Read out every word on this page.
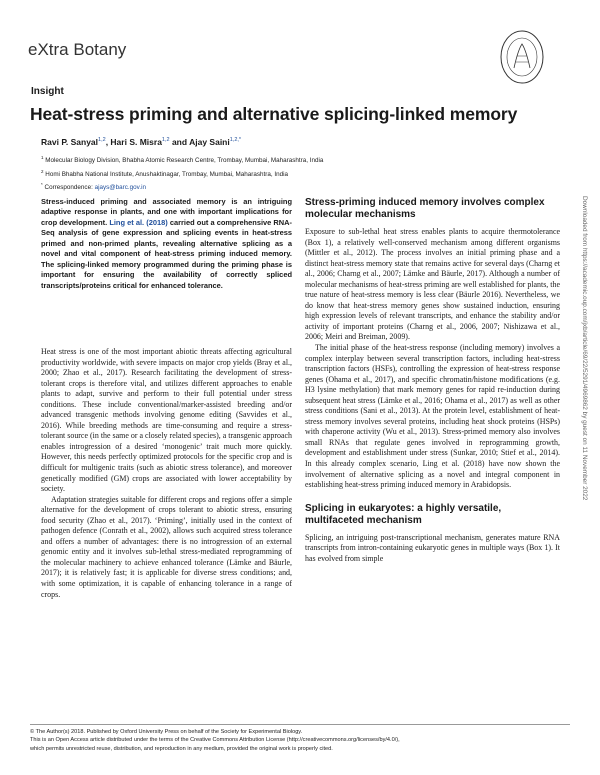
eXtra Botany
Insight
Heat-stress priming and alternative splicing-linked memory
Ravi P. Sanyal$^{1,2}$, Hari S. Misra$^{1,2}$ and Ajay Saini$^{1,2,*}$
$^1$ Molecular Biology Division, Bhabha Atomic Research Centre, Trombay, Mumbai, Maharashtra, India
$^2$ Homi Bhabha National Institute, Anushaktinagar, Trombay, Mumbai, Maharashtra, India
* Correspondence: ajays@barc.gov.in
Stress-induced priming and associated memory is an intriguing adaptive response in plants, and one with important implications for crop development. Ling et al. (2018) carried out a comprehensive RNA-Seq analysis of gene expression and splicing events in heat-stress primed and non-primed plants, revealing alternative splicing as a novel and vital component of heat-stress priming induced memory. The splicing-linked memory programmed during the priming phase is important for ensuring the availability of correctly spliced transcripts/proteins critical for enhanced tolerance.

Heat stress is one of the most important abiotic threats affecting agricultural productivity worldwide, with severe impacts on major crop yields (Bray et al., 2000; Zhao et al., 2017). Research facilitating the development of stress-tolerant crops is therefore vital, and utilizes different approaches to enable plants to adapt, survive and perform to their full potential under stress conditions. These include conventional/marker-assisted breeding and/or advanced transgenic methods involving genome editing (Savvides et al., 2016). While breeding methods are time-consuming and require a stress-tolerant source (in the same or a closely related species), a transgenic approach enables introgression of a desired ‘monogenic’ trait much more quickly. However, this needs perfectly optimized protocols for the specific crop and is difficult for multigenic traits (such as abiotic stress tolerance), and moreover genetically modified (GM) crops are associated with lower acceptability by society.

Adaptation strategies suitable for different crops and regions offer a simple alternative for the development of crops tolerant to abiotic stress, ensuring food security (Zhao et al., 2017). ‘Priming’, initially used in the context of pathogen defence (Conrath et al., 2002), allows such acquired stress tolerance and offers a number of advantages: there is no introgression of an external genomic entity and it involves sub-lethal stress-mediated reprogramming of the molecular machinery to achieve enhanced tolerance (Lämke and Bäurle, 2017); it is relatively fast; it is applicable for diverse stress conditions; and, with some optimization, it is capable of enhancing tolerance in a range of crops.

Stress-priming induced memory involves complex molecular mechanisms

Exposure to sub-lethal heat stress enables plants to acquire thermotolerance (Box 1), a relatively well-conserved mechanism among different organisms (Mittler et al., 2012). The process involves an initial priming phase and a distinct heat-stress memory state that remains active for several days (Charng et al., 2006; Charng et al., 2007; Lämke and Bäurle, 2017). Although a number of molecular mechanisms of heat-stress priming are well established for plants, the true nature of heat-stress memory is less clear (Bäurle 2016). Nevertheless, we do know that heat-stress memory genes show sustained induction, ensuring high expression levels of relevant transcripts, and enhance the stability and/or activity of important proteins (Charng et al., 2006, 2007; Nishizawa et al., 2006; Meiri and Breiman, 2009).

The initial phase of the heat-stress response (including memory) involves a complex interplay between several transcription factors, including heat-stress transcription factors (HSFs), controlling the expression of heat-stress response genes (Ohama et al., 2017), and specific chromatin/histone modifications (e.g. H3 lysine methylation) that mark memory genes for rapid re-induction during subsequent heat stress (Lämke et al., 2016; Ohama et al., 2017) as well as other stress conditions (Sani et al., 2013). At the protein level, establishment of heat-stress memory involves several proteins, including heat shock proteins (HSPs) with chaperone activity (Wu et al., 2013). Stress-primed memory also involves small RNAs that regulate genes involved in reprogramming growth, development and establishment under stress (Sunkar, 2010; Stief et al., 2014). In this already complex scenario, Ling et al. (2018) have now shown the involvement of alternative splicing as a novel and integral component in establishing heat-stress priming induced memory in Arabidopsis.

Splicing in eukaryotes: a highly versatile, multifaceted mechanism

Splicing, an intriguing post-transcriptional mechanism, generates mature RNA transcripts from intron-containing eukaryotic genes in multiple ways (Box 1). It has evolved from simple

© The Author(s) 2018. Published by Oxford University Press on behalf of the Society for Experimental Biology.
This is an Open Access article distributed under the terms of the Creative Commons Attribution License (http://creativecommons.org/licenses/by/4.0/),
which permits unrestricted reuse, distribution, and reproduction in any medium, provided the original work is properly cited.
Downloaded from https://academic.oup.com/jxb/article/69/22/5291/4969862 by guest on 11 November 2022
